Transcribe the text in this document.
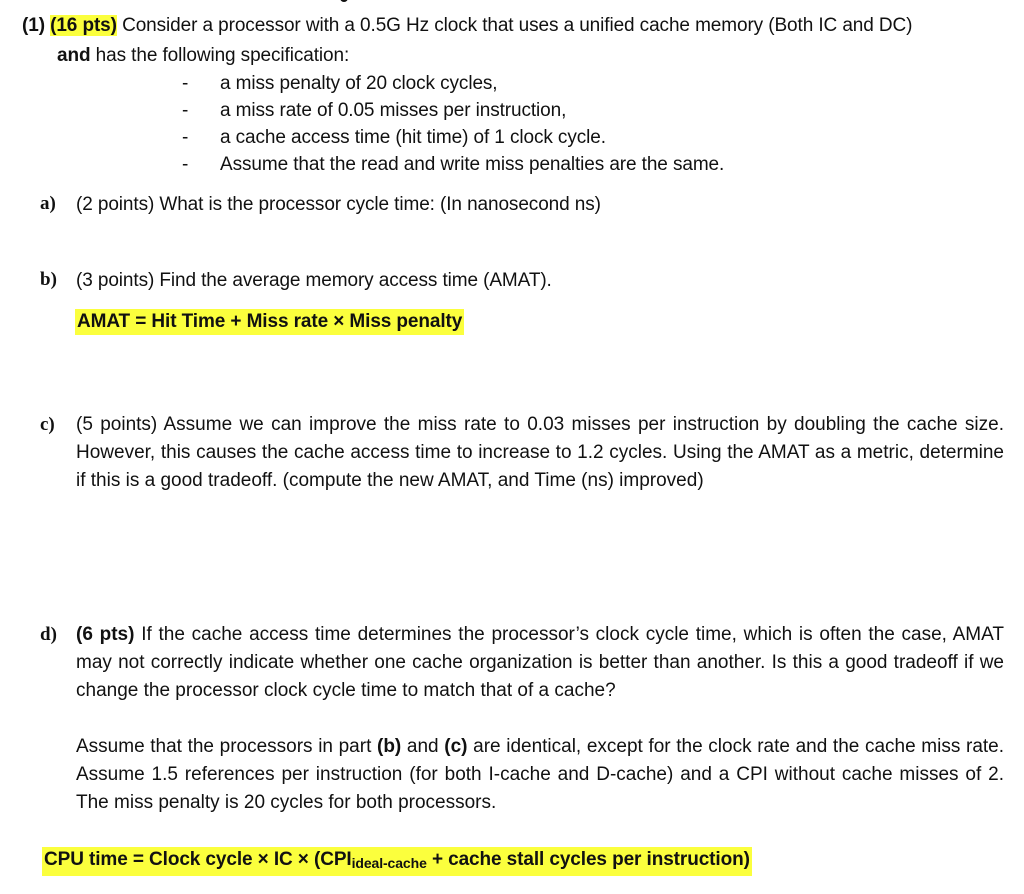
(1) (16 pts) Consider a processor with a 0.5G Hz clock that uses a unified cache memory (Both IC and DC)
and has the following specification:
- a miss penalty of 20 clock cycles,
- a miss rate of 0.05 misses per instruction,
- a cache access time (hit time) of 1 clock cycle.
- Assume that the read and write miss penalties are the same.
a) (2 points) What is the processor cycle time: (In nanosecond ns)
b) (3 points) Find the average memory access time (AMAT).
AMAT = Hit Time + Miss rate × Miss penalty
c) (5 points) Assume we can improve the miss rate to 0.03 misses per instruction by doubling the cache size. However, this causes the cache access time to increase to 1.2 cycles. Using the AMAT as a metric, determine if this is a good tradeoff. (compute the new AMAT, and Time (ns) improved)
d) (6 pts) If the cache access time determines the processor’s clock cycle time, which is often the case, AMAT may not correctly indicate whether one cache organization is better than another. Is this a good tradeoff if we change the processor clock cycle time to match that of a cache?
Assume that the processors in part (b) and (c) are identical, except for the clock rate and the cache miss rate. Assume 1.5 references per instruction (for both I-cache and D-cache) and a CPI without cache misses of 2. The miss penalty is 20 cycles for both processors.
CPU time = Clock cycle × IC × ($CPI_{ideal-cache}$ + cache stall cycles per instruction)
